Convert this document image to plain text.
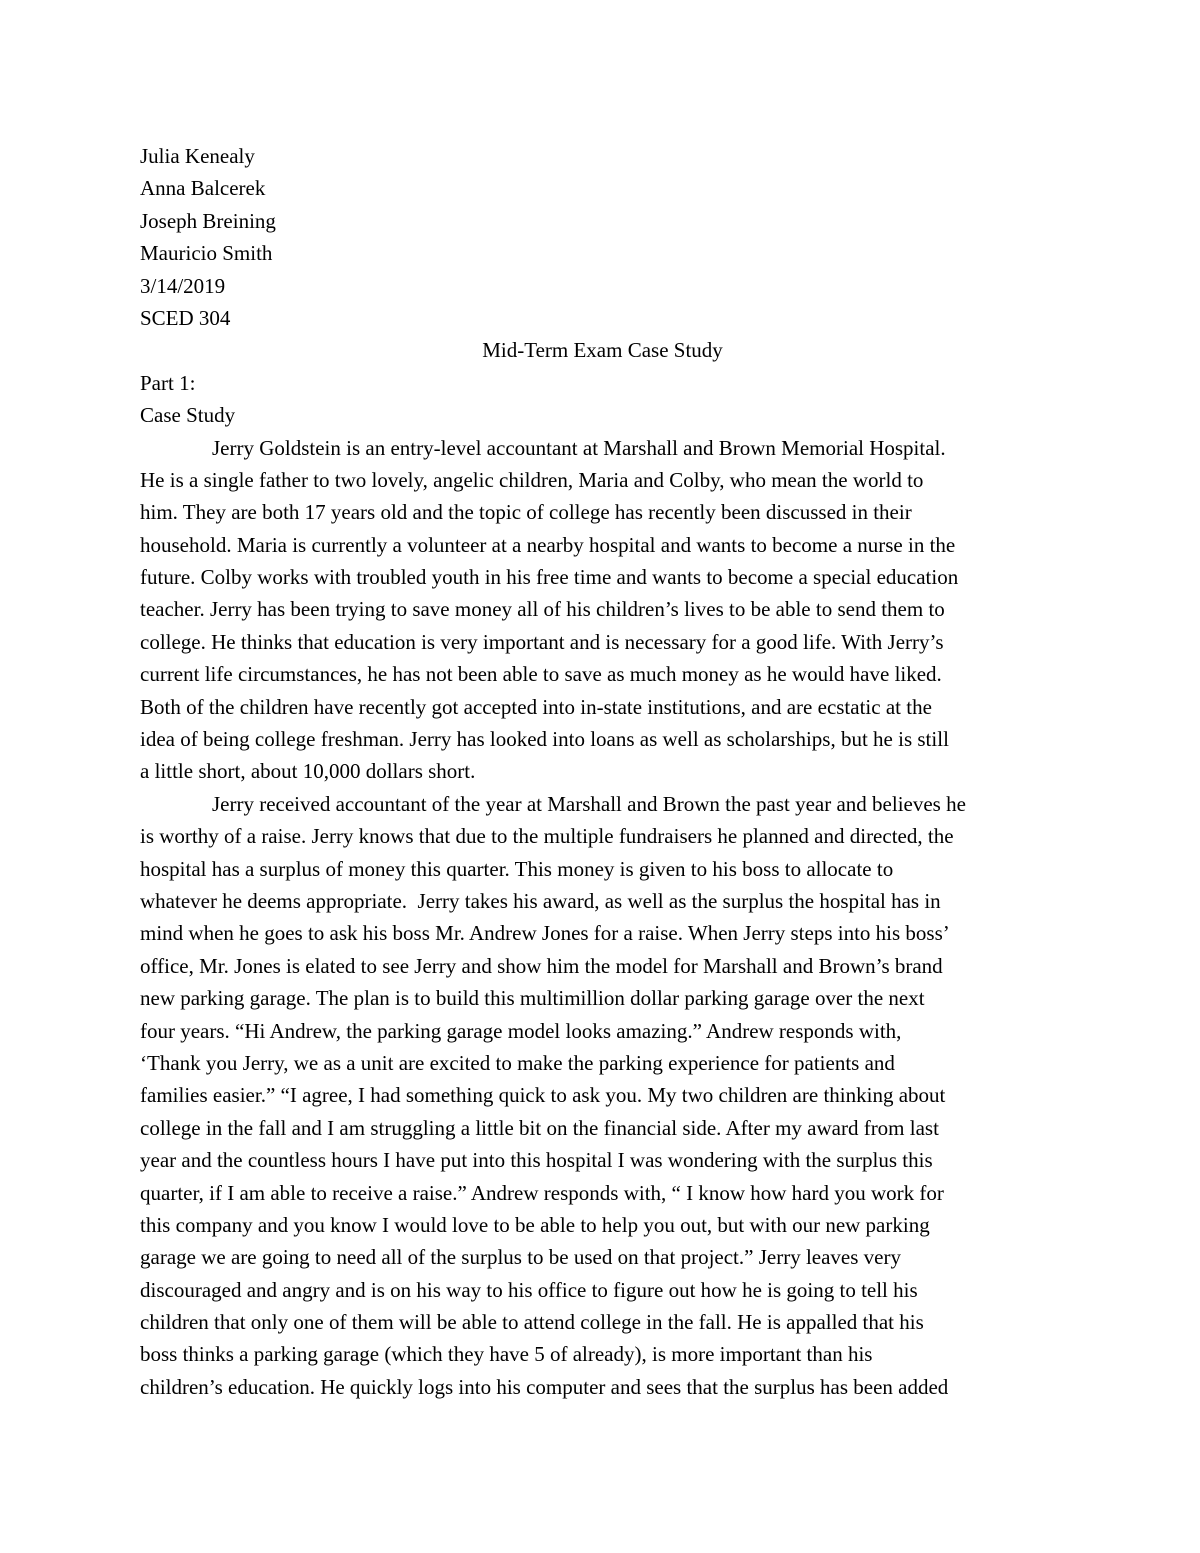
Julia Kenealy
Anna Balcerek
Joseph Breining
Mauricio Smith
3/14/2019
SCED 304
Mid-Term Exam Case Study
Part 1:
Case Study
Jerry Goldstein is an entry-level accountant at Marshall and Brown Memorial Hospital.
He is a single father to two lovely, angelic children, Maria and Colby, who mean the world to
him. They are both 17 years old and the topic of college has recently been discussed in their
household. Maria is currently a volunteer at a nearby hospital and wants to become a nurse in the
future. Colby works with troubled youth in his free time and wants to become a special education
teacher. Jerry has been trying to save money all of his children’s lives to be able to send them to
college. He thinks that education is very important and is necessary for a good life. With Jerry’s
current life circumstances, he has not been able to save as much money as he would have liked.
Both of the children have recently got accepted into in-state institutions, and are ecstatic at the
idea of being college freshman. Jerry has looked into loans as well as scholarships, but he is still
a little short, about 10,000 dollars short.
Jerry received accountant of the year at Marshall and Brown the past year and believes he
is worthy of a raise. Jerry knows that due to the multiple fundraisers he planned and directed, the
hospital has a surplus of money this quarter. This money is given to his boss to allocate to
whatever he deems appropriate.  Jerry takes his award, as well as the surplus the hospital has in
mind when he goes to ask his boss Mr. Andrew Jones for a raise. When Jerry steps into his boss’
office, Mr. Jones is elated to see Jerry and show him the model for Marshall and Brown’s brand
new parking garage. The plan is to build this multimillion dollar parking garage over the next
four years. “Hi Andrew, the parking garage model looks amazing.” Andrew responds with,
‘Thank you Jerry, we as a unit are excited to make the parking experience for patients and
families easier.” “I agree, I had something quick to ask you. My two children are thinking about
college in the fall and I am struggling a little bit on the financial side. After my award from last
year and the countless hours I have put into this hospital I was wondering with the surplus this
quarter, if I am able to receive a raise.” Andrew responds with, “ I know how hard you work for
this company and you know I would love to be able to help you out, but with our new parking
garage we are going to need all of the surplus to be used on that project.” Jerry leaves very
discouraged and angry and is on his way to his office to figure out how he is going to tell his
children that only one of them will be able to attend college in the fall. He is appalled that his
boss thinks a parking garage (which they have 5 of already), is more important than his
children’s education. He quickly logs into his computer and sees that the surplus has been added
